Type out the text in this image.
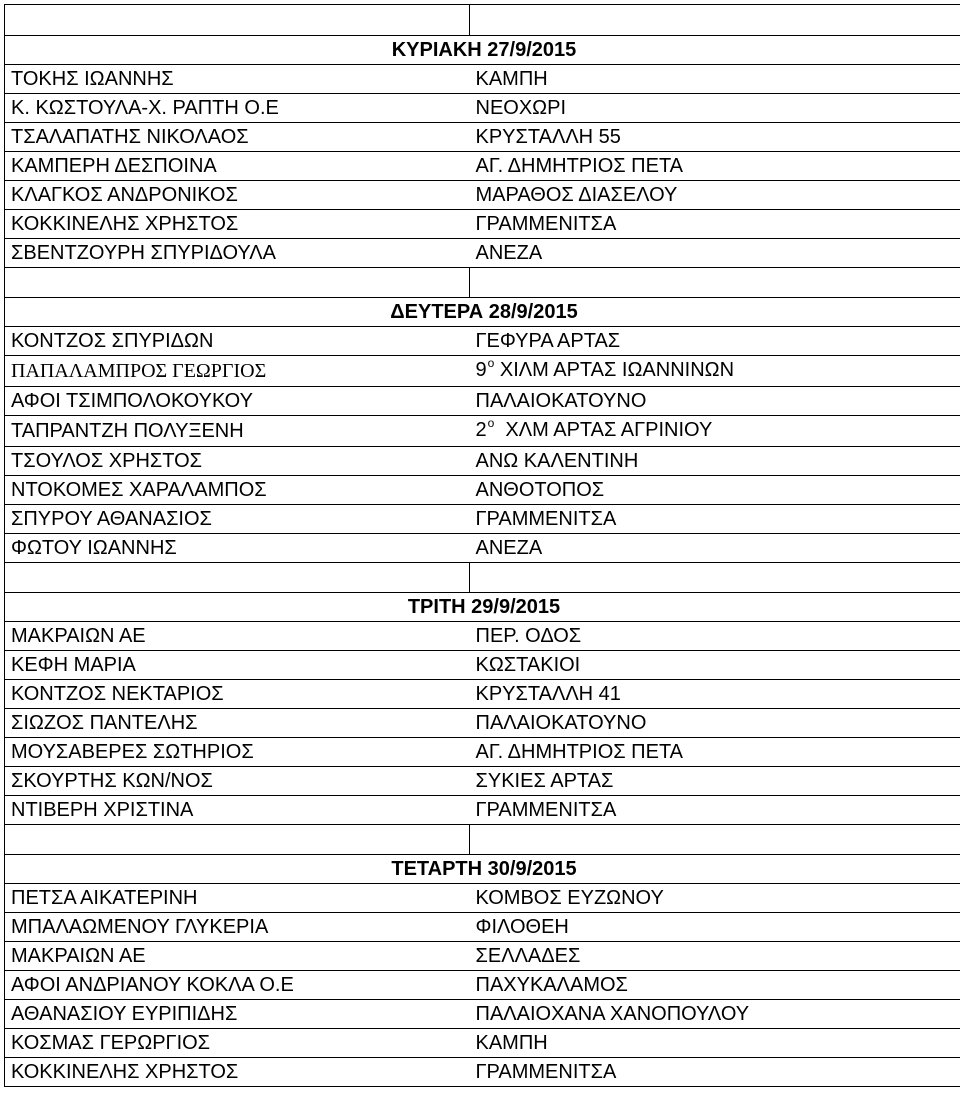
ΚΥΡΙΑΚΗ 27/9/2015	
ΤΟΚΗΣ ΙΩΑΝΝΗΣ	ΚΑΜΠΗ
Κ. ΚΩΣΤΟΥΛΑ-Χ. ΡΑΠΤΗ Ο.Ε	ΝΕΟΧΩΡΙ
ΤΣΑΛΑΠΑΤΗΣ ΝΙΚΟΛΑΟΣ	ΚΡΥΣΤΑΛΛΗ 55
ΚΑΜΠΕΡΗ ΔΕΣΠΟΙΝΑ	ΑΓ. ΔΗΜΗΤΡΙΟΣ ΠΕΤΑ
ΚΛΑΓΚΟΣ ΑΝΔΡΟΝΙΚΟΣ	ΜΑΡΑΘΟΣ ΔΙΑΣΕΛΟΥ
ΚΟΚΚΙΝΕΛΗΣ ΧΡΗΣΤΟΣ	ΓΡΑΜΜΕΝΙΤΣΑ
ΣΒΕΝΤΖΟΥΡΗ ΣΠΥΡΙΔΟΥΛΑ	ΑΝΕΖΑ

ΔΕΥΤΕΡΑ 28/9/2015	
ΚΟΝΤΖΟΣ ΣΠΥΡΙΔΩΝ	ΓΕΦΥΡΑ ΑΡΤΑΣ
ΠΑΠΑΛΑΜΠΡΟΣ ΓΕΩΡΓΙΟΣ	$9^o$ ΧΙΛΜ ΑΡΤΑΣ ΙΩΑΝΝΙΝΩΝ
ΑΦΟΙ ΤΣΙΜΠΟΛΟΚΟΥΚΟΥ	ΠΑΛΑΙΟΚΑΤΟΥΝΟ
ΤΑΠΡΑΝΤΖΗ ΠΟΛΥΞΕΝΗ	$2^o$  ΧΛΜ ΑΡΤΑΣ ΑΓΡΙΝΙΟΥ
ΤΣΟΥΛΟΣ ΧΡΗΣΤΟΣ	ΑΝΩ ΚΑΛΕΝΤΙΝΗ
ΝΤΟΚΟΜΕΣ ΧΑΡΑΛΑΜΠΟΣ	ΑΝΘΟΤΟΠΟΣ
ΣΠΥΡΟΥ ΑΘΑΝΑΣΙΟΣ	ΓΡΑΜΜΕΝΙΤΣΑ
ΦΩΤΟΥ ΙΩΑΝΝΗΣ	ΑΝΕΖΑ

ΤΡΙΤΗ 29/9/2015	
ΜΑΚΡΑΙΩΝ ΑΕ	ΠΕΡ. ΟΔΟΣ
ΚΕΦΗ ΜΑΡΙΑ	ΚΩΣΤΑΚΙΟΙ
ΚΟΝΤΖΟΣ ΝΕΚΤΑΡΙΟΣ	ΚΡΥΣΤΑΛΛΗ 41
ΣΙΩΖΟΣ ΠΑΝΤΕΛΗΣ	ΠΑΛΑΙΟΚΑΤΟΥΝΟ
ΜΟΥΣΑΒΕΡΕΣ ΣΩΤΗΡΙΟΣ	ΑΓ. ΔΗΜΗΤΡΙΟΣ ΠΕΤΑ
ΣΚΟΥΡΤΗΣ ΚΩΝ/ΝΟΣ	ΣΥΚΙΕΣ ΑΡΤΑΣ
ΝΤΙΒΕΡΗ ΧΡΙΣΤΙΝΑ	ΓΡΑΜΜΕΝΙΤΣΑ

ΤΕΤΑΡΤΗ 30/9/2015	
ΠΕΤΣΑ ΑΙΚΑΤΕΡΙΝΗ	ΚΟΜΒΟΣ ΕΥΖΩΝΟΥ
ΜΠΑΛΑΩΜΕΝΟΥ ΓΛΥΚΕΡΙΑ	ΦΙΛΟΘΕΗ
ΜΑΚΡΑΙΩΝ ΑΕ	ΣΕΛΛΑΔΕΣ
ΑΦΟΙ ΑΝΔΡΙΑΝΟΥ ΚΟΚΛΑ Ο.Ε	ΠΑΧΥΚΑΛΑΜΟΣ
ΑΘΑΝΑΣΙΟΥ ΕΥΡΙΠΙΔΗΣ	ΠΑΛΑΙΟΧΑΝΑ ΧΑΝΟΠΟΥΛΟΥ
ΚΟΣΜΑΣ ΓΕΡΩΡΓΙΟΣ	ΚΑΜΠΗ
ΚΟΚΚΙΝΕΛΗΣ ΧΡΗΣΤΟΣ	ΓΡΑΜΜΕΝΙΤΣΑ
